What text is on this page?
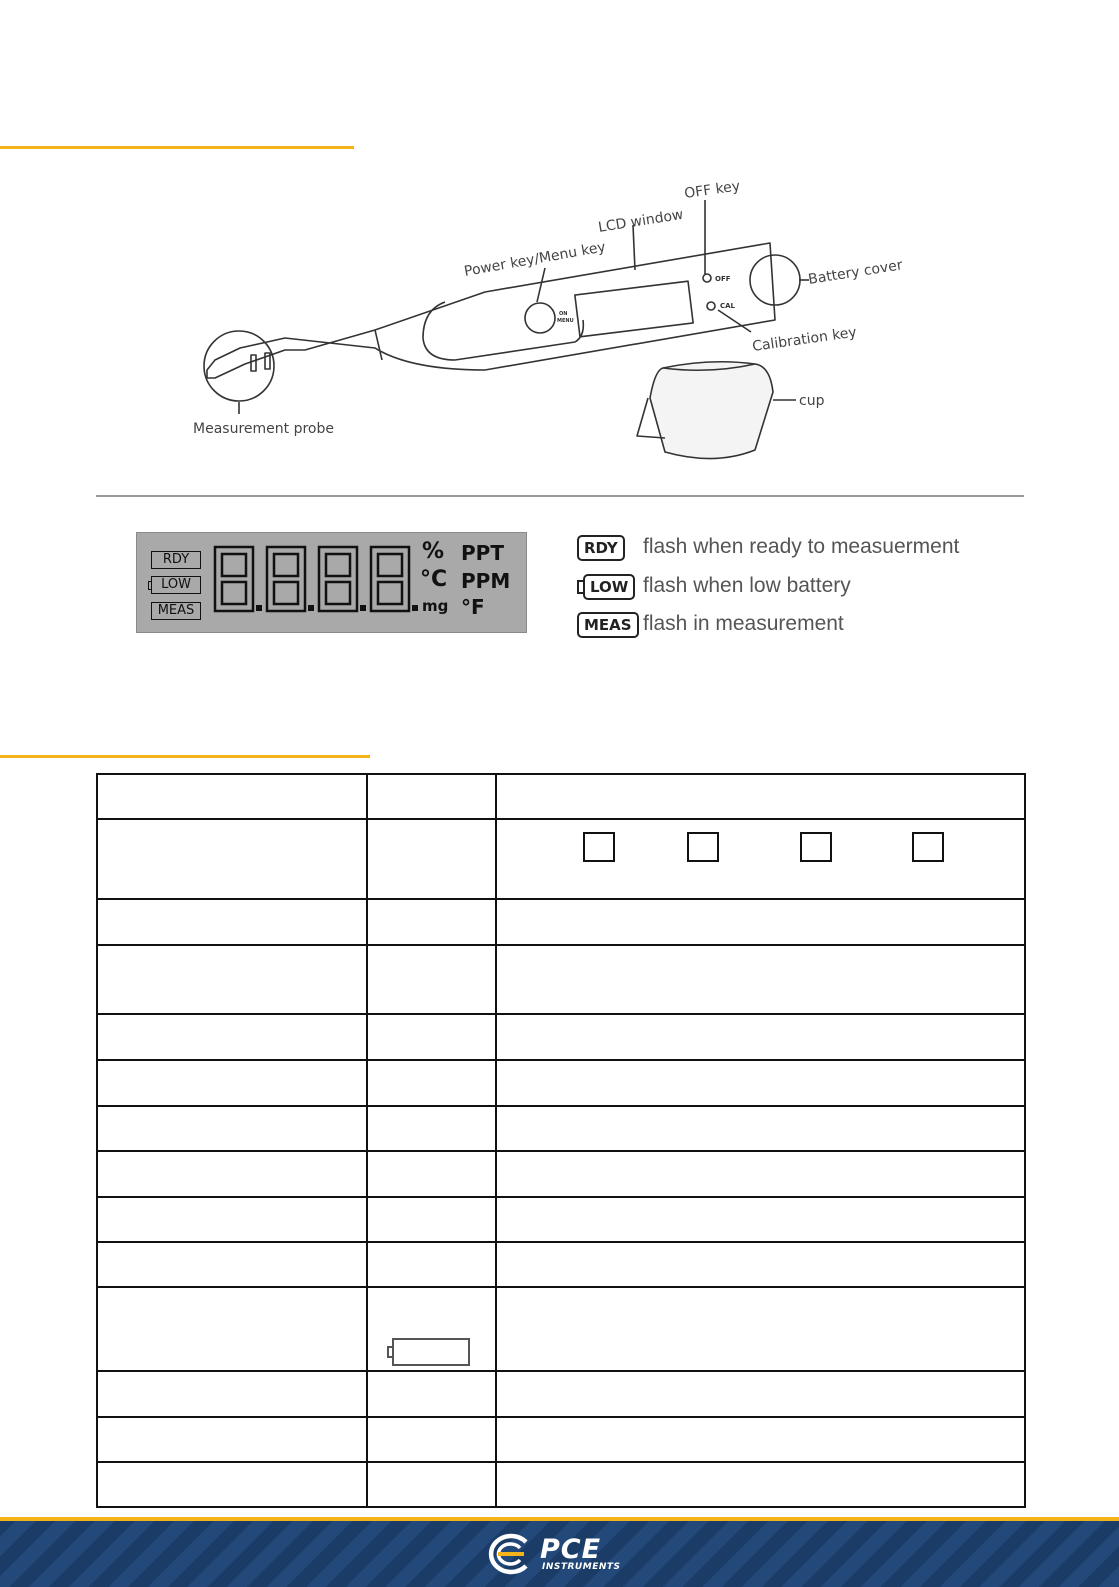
OFF
CAL
ON
MENU
OFF key
LCD window
Power key/Menu key	Battery cover
Calibration key
cup
Measurement probe
RDY
LOW
MEAS
% PPT
°C PPM
mg °F
RDY	flash when ready to measuerment
LOW flash when low battery
MEAS flash in measurement

PCE
INSTRUMENTS
